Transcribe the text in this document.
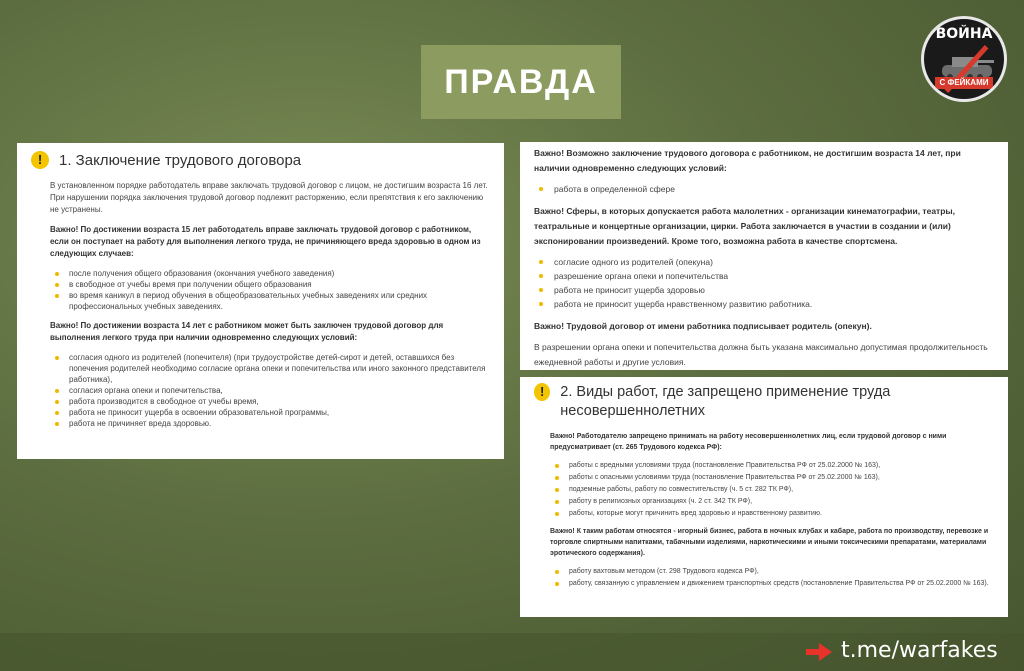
ПРАВДА
ВОЙНА
С ФЕЙКАМИ
!	1. Заключение трудового договора

В установленном порядке работодатель вправе заключать трудовой договор с лицом, не достигшим возраста 16 лет. При нарушении порядка заключения трудовой договор подлежит расторжению, если препятствия к его заключению не устранены.

Важно! По достижении возраста 15 лет работодатель вправе заключать трудовой договор с работником, если он поступает на работу для выполнения легкого труда, не причиняющего вреда здоровью в одном из следующих случаев:

после получения общего образования (окончания учебного заведения)
в свободное от учебы время при получении общего образования
во время каникул в период обучения в общеобразовательных учебных заведениях или средних профессиональных учебных заведениях.

Важно! По достижении возраста 14 лет с работником может быть заключен трудовой договор для выполнения легкого труда при наличии одновременно следующих условий:

согласия одного из родителей (попечителя) (при трудоустройстве детей-сирот и детей, оставшихся без попечения родителей необходимо согласие органа опеки и попечительства или иного законного представителя работника),
согласия органа опеки и попечительства,
работа производится в свободное от учебы время,
работа не приносит ущерба в освоении образовательной программы,
работа не причиняет вреда здоровью.

Важно! Возможно заключение трудового договора с работником, не достигшим возраста 14 лет, при наличии одновременно следующих условий:

работа в определенной сфере

Важно! Сферы, в которых допускается работа малолетних - организации кинематографии, театры, театральные и концертные организации, цирки. Работа заключается в участии в создании и (или) экспонировании произведений. Кроме того, возможна работа в качестве спортсмена.

согласие одного из родителей (опекуна)
разрешение органа опеки и попечительства
работа не приносит ущерба здоровью
работа не приносит ущерба нравственному развитию работника.

Важно! Трудовой договор от имени работника подписывает родитель (опекун).

В разрешении органа опеки и попечительства должна быть указана максимально допустимая продолжительность ежедневной работы и другие условия.

!	2. Виды работ, где запрещено применение труда несовершеннолетних

Важно! Работодателю запрещено принимать на работу несовершеннолетних лиц, если трудовой договор с ними предусматривает (ст. 265 Трудового кодекса РФ):

работы с вредными условиями труда (постановление Правительства РФ от 25.02.2000 № 163),
работы с опасными условиями труда (постановление Правительства РФ от 25.02.2000 № 163),
подземные работы, работу по совместительству (ч. 5 ст. 282 ТК РФ),
работу в религиозных организациях (ч. 2 ст. 342 ТК РФ),
работы, которые могут причинить вред здоровью и нравственному развитию.

Важно! К таким работам относятся - игорный бизнес, работа в ночных клубах и кабаре, работа по производству, перевозке и торговле спиртными напитками, табачными изделиями, наркотическими и иными токсическими препаратами, материалами эротического содержания).

работу вахтовым методом (ст. 298 Трудового кодекса РФ),
работу, связанную с управлением и движением транспортных средств (постановление Правительства РФ от 25.02.2000 № 163).
t.me/warfakes
